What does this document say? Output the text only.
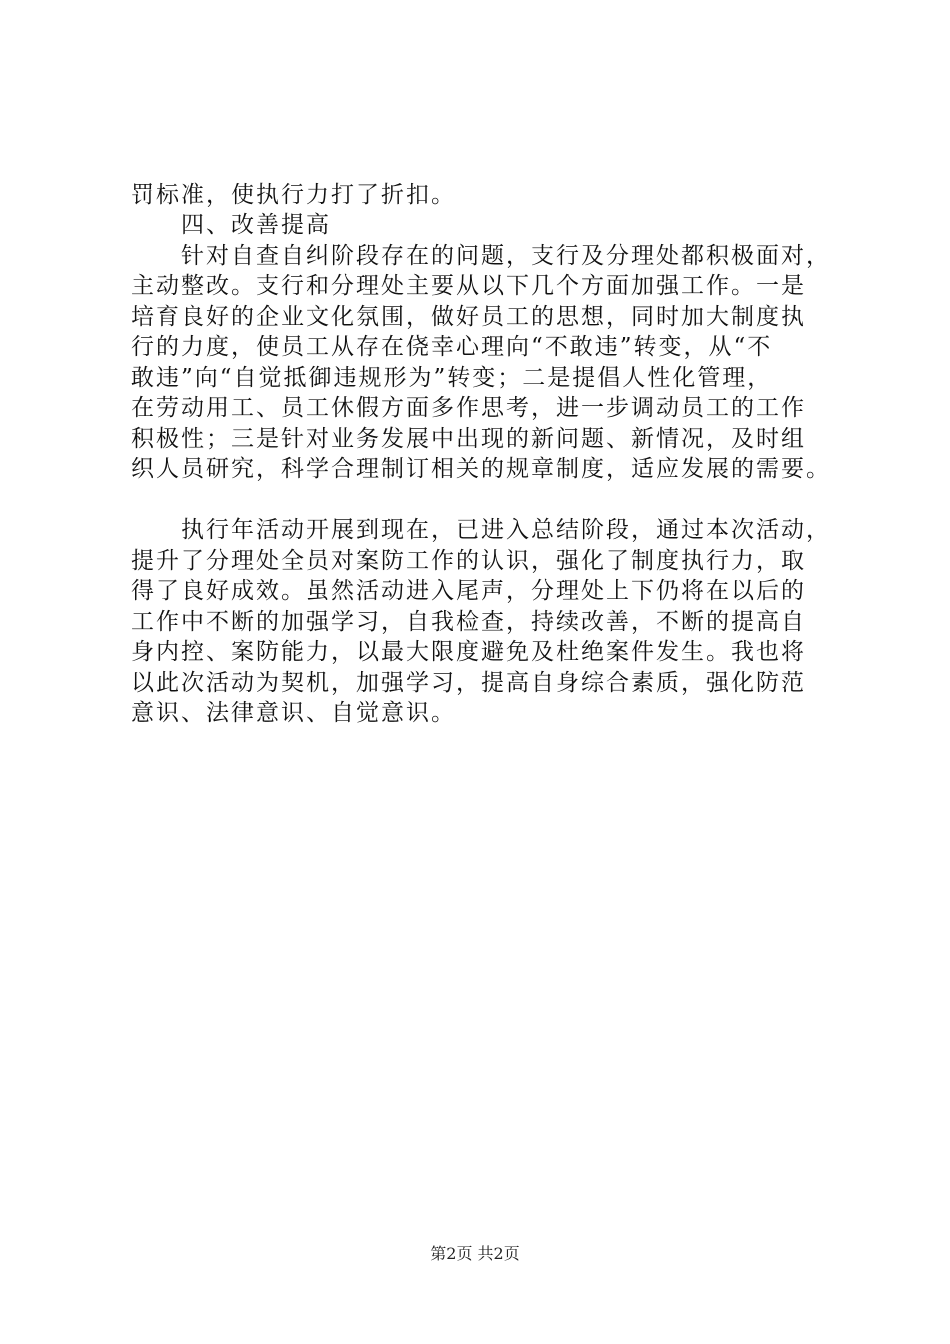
罚标准，使执行力打了折扣。
　　四、改善提高
　　针对自查自纠阶段存在的问题，支行及分理处都积极面对，
主动整改。支行和分理处主要从以下几个方面加强工作。一是
培育良好的企业文化氛围，做好员工的思想，同时加大制度执
行的力度，使员工从存在侥幸心理向“不敢违”转变，从“不
敢违”向“自觉抵御违规形为”转变；二是提倡人性化管理，
在劳动用工、员工休假方面多作思考，进一步调动员工的工作
积极性；三是针对业务发展中出现的新问题、新情况，及时组
织人员研究，科学合理制订相关的规章制度，适应发展的需要。
　　执行年活动开展到现在，已进入总结阶段，通过本次活动，
提升了分理处全员对案防工作的认识，强化了制度执行力，取
得了良好成效。虽然活动进入尾声，分理处上下仍将在以后的
工作中不断的加强学习，自我检查，持续改善，不断的提高自
身内控、案防能力，以最大限度避免及杜绝案件发生。我也将
以此次活动为契机，加强学习，提高自身综合素质，强化防范
意识、法律意识、自觉意识。
第2页 共2页
